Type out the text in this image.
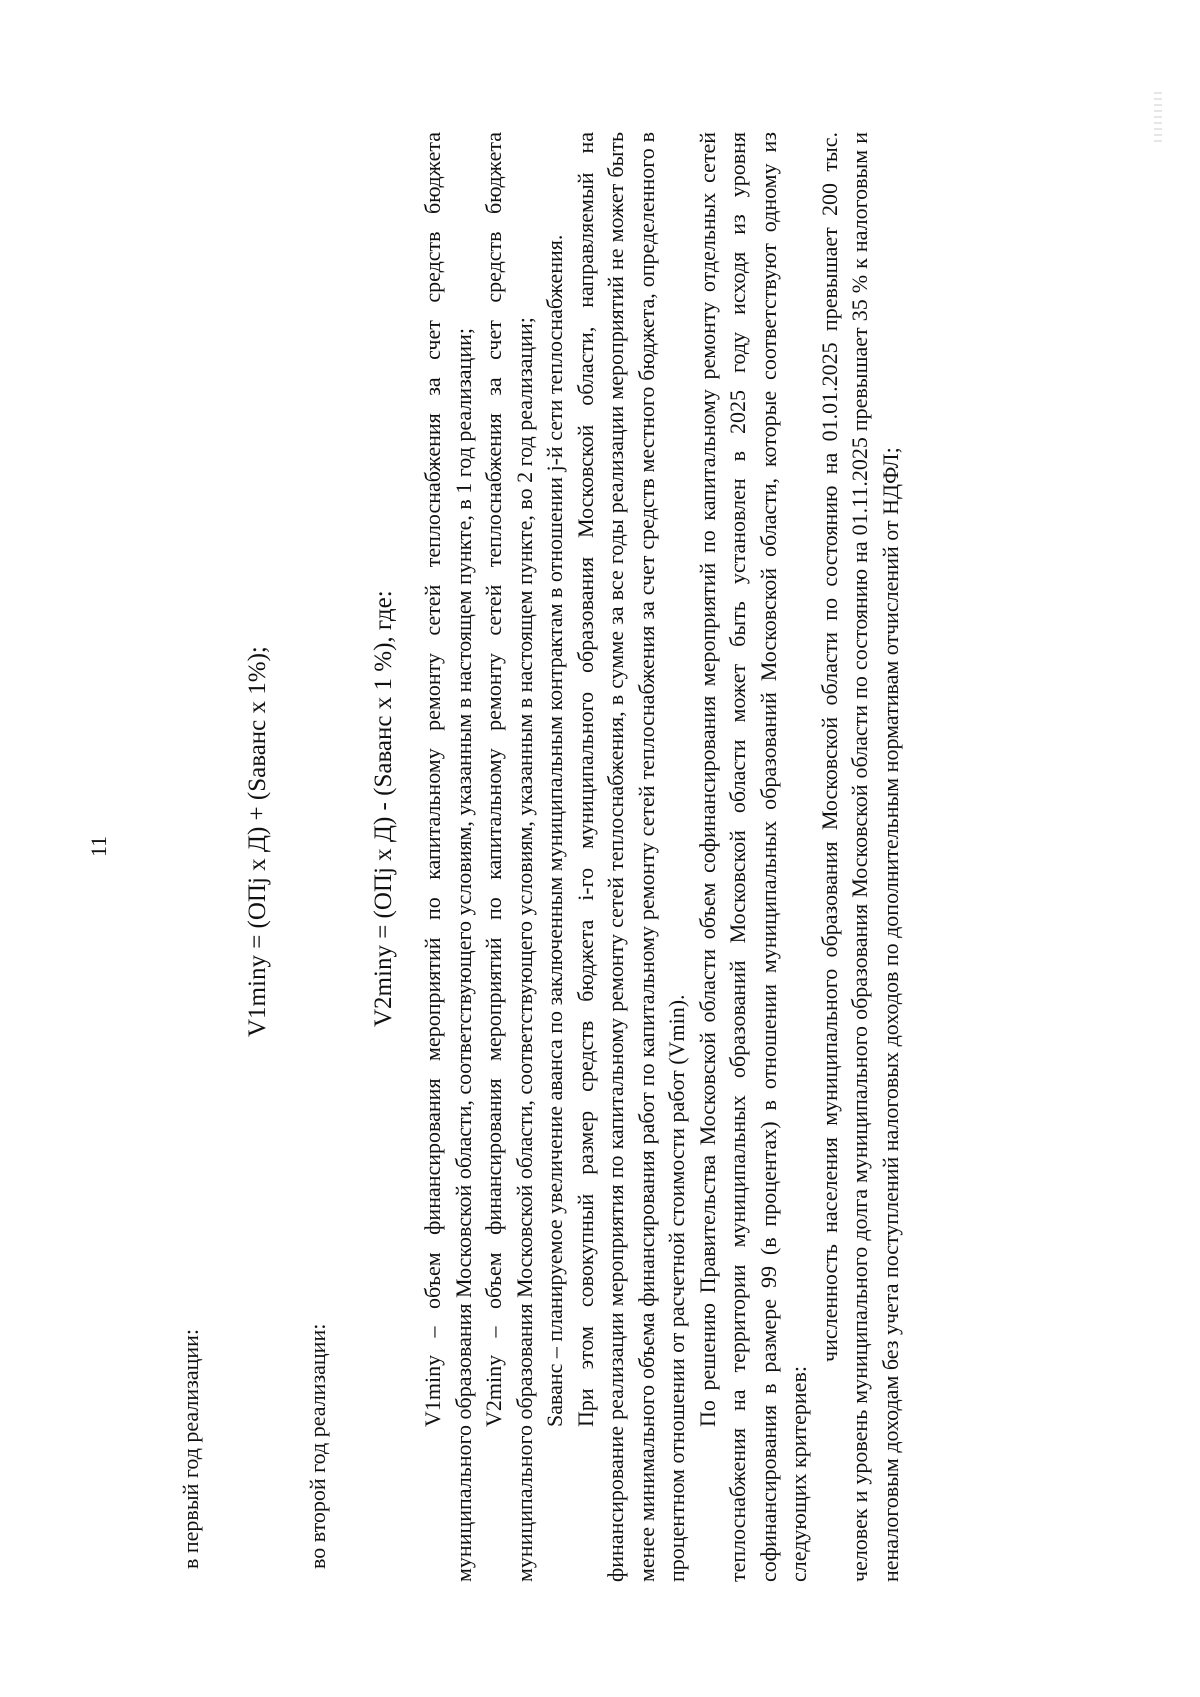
11
в первый год реализации:
V1miny = (OПj x Д) + (Sаванс x 1%);
во второй год реализации:
V2miny = (ОПj x Д) - (Sаванс x 1 %), где: V1miny – объем финансирования мероприятий по капитальному ремонту сетей теплоснабжения за счет средств бюджета муниципального образования Московской области, соответствующего условиям, указанным в настоящем пункте, в 1 год реализации; V2miny – объем финансирования мероприятий по капитальному ремонту сетей теплоснабжения за счет средств бюджета муниципального образования Московской области, соответствующего условиям, указанным в настоящем пункте, во 2 год реализации; Sаванс – планируемое увеличение аванса по заключенным муниципальным контрактам в отношении j-й сети теплоснабжения. При этом совокупный размер средств бюджета i-го муниципального образования Московской области, направляемый на финансирование реализации мероприятия по капитальному ремонту сетей теплоснабжения, в сумме за все годы реализации мероприятий не может быть менее минимального объема финансирования работ по капитальному ремонту сетей теплоснабжения за счет средств местного бюджета, определенного в процентном отношении от расчетной стоимости работ (Vmin). По решению Правительства Московской области объем софинансирования мероприятий по капитальному ремонту отдельных сетей теплоснабжения на территории муниципальных образований Московской области может быть установлен в 2025 году исходя из уровня софинансирования в размере 99 (в процентах) в отношении муниципальных образований Московской области, которые соответствуют одному из следующих критериев:

численность населения муниципального образования Московской области по состоянию на 01.01.2025 превышает 200 тыс. человек и уровень муниципального долга муниципального образования Московской области по состоянию на 01.11.2025 превышает 35 % к налоговым и неналоговым доходам без учета поступлений налоговых доходов по дополнительным нормативам отчислений от НДФЛ;
